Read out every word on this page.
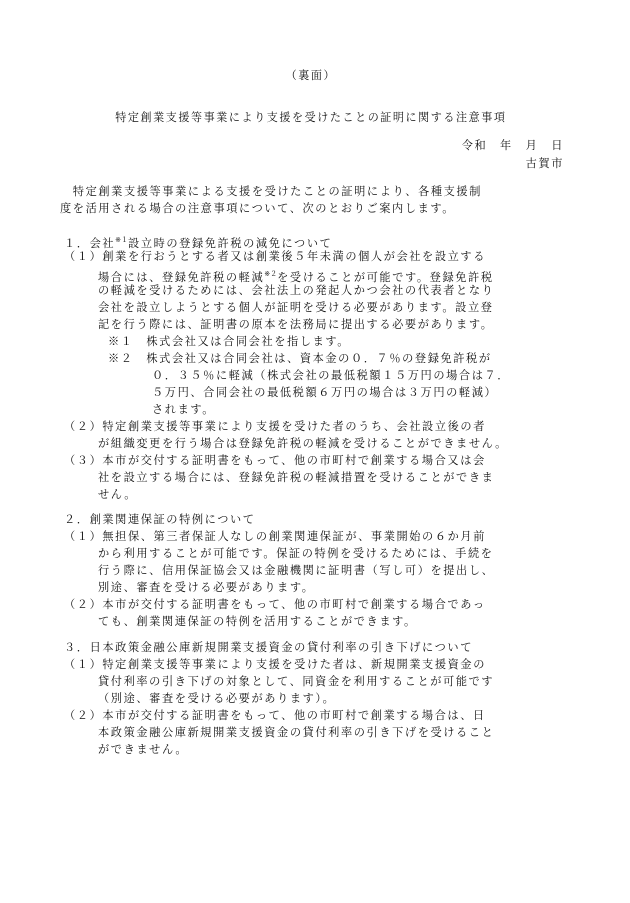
（裏面）

特定創業支援等事業により支援を受けたことの証明に関する注意事項

令和　年　月　日

古賀市

　特定創業支援等事業による支援を受けたことの証明により、各種支援制

度を活用される場合の注意事項について、次のとおりご案内します。

１．会社$^{※1}$設立時の登録免許税の減免について

（１）創業を行おうとする者又は創業後５年未満の個人が会社を設立する

場合には、登録免許税の軽減$^{※2}$を受けることが可能です。登録免許税

の軽減を受けるためには、会社法上の発起人かつ会社の代表者となり

会社を設立しようとする個人が証明を受ける必要があります。設立登

記を行う際には、証明書の原本を法務局に提出する必要があります。

※１　株式会社又は合同会社を指します。

※２　株式会社又は合同会社は、資本金の０．７％の登録免許税が

０．３５％に軽減（株式会社の最低税額１５万円の場合は７．

５万円、合同会社の最低税額６万円の場合は３万円の軽減）

されます。

（２）特定創業支援等事業により支援を受けた者のうち、会社設立後の者

が組織変更を行う場合は登録免許税の軽減を受けることができません。

（３）本市が交付する証明書をもって、他の市町村で創業する場合又は会

社を設立する場合には、登録免許税の軽減措置を受けることができま

せん。

２．創業関連保証の特例について

（１）無担保、第三者保証人なしの創業関連保証が、事業開始の６か月前

から利用することが可能です。保証の特例を受けるためには、手続を

行う際に、信用保証協会又は金融機関に証明書（写し可）を提出し、

別途、審査を受ける必要があります。

（２）本市が交付する証明書をもって、他の市町村で創業する場合であっ

ても、創業関連保証の特例を活用することができます。

３．日本政策金融公庫新規開業支援資金の貸付利率の引き下げについて

（１）特定創業支援等事業により支援を受けた者は、新規開業支援資金の

貸付利率の引き下げの対象として、同資金を利用することが可能です

（別途、審査を受ける必要があります）。

（２）本市が交付する証明書をもって、他の市町村で創業する場合は、日

本政策金融公庫新規開業支援資金の貸付利率の引き下げを受けること

ができません。
